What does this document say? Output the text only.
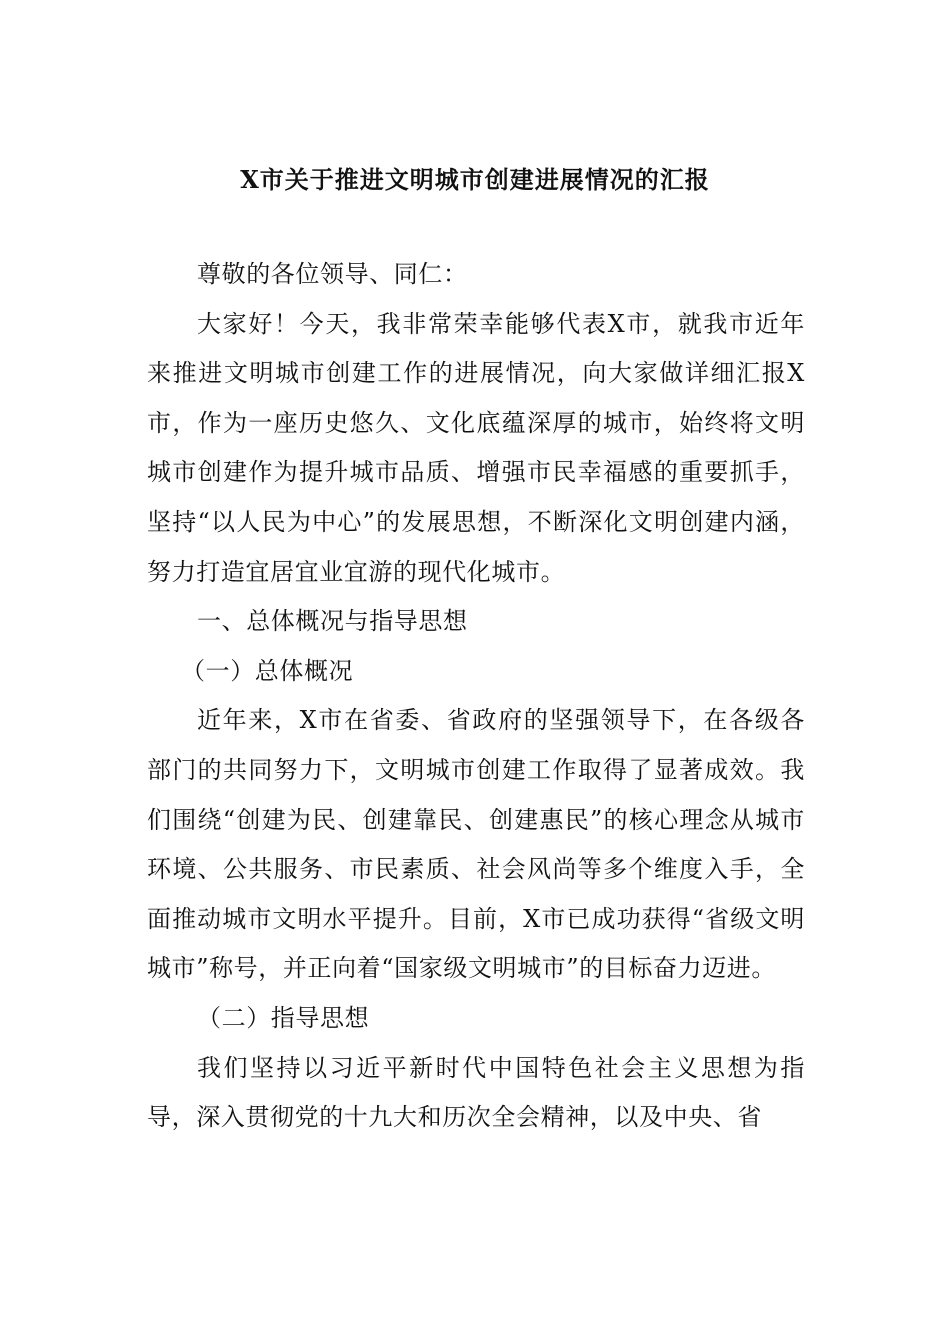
X市关于推进文明城市创建进展情况的汇报

尊敬的各位领导、同仁：

大家好！今天，我非常荣幸能够代表X市，就我市近年来推进文明城市创建工作的进展情况，向大家做详细汇报X市，作为一座历史悠久、文化底蕴深厚的城市，始终将文明城市创建作为提升城市品质、增强市民幸福感的重要抓手，坚持“以人民为中心”的发展思想，不断深化文明创建内涵，努力打造宜居宜业宜游的现代化城市。

一、总体概况与指导思想

（一）总体概况

近年来，X市在省委、省政府的坚强领导下，在各级各部门的共同努力下，文明城市创建工作取得了显著成效。我们围绕“创建为民、创建靠民、创建惠民”的核心理念从城市环境、公共服务、市民素质、社会风尚等多个维度入手，全面推动城市文明水平提升。目前，X市已成功获得“省级文明城市”称号，并正向着“国家级文明城市”的目标奋力迈进。

（二）指导思想

我们坚持以习近平新时代中国特色社会主义思想为指导，深入贯彻党的十九大和历次全会精神，以及中央、省
